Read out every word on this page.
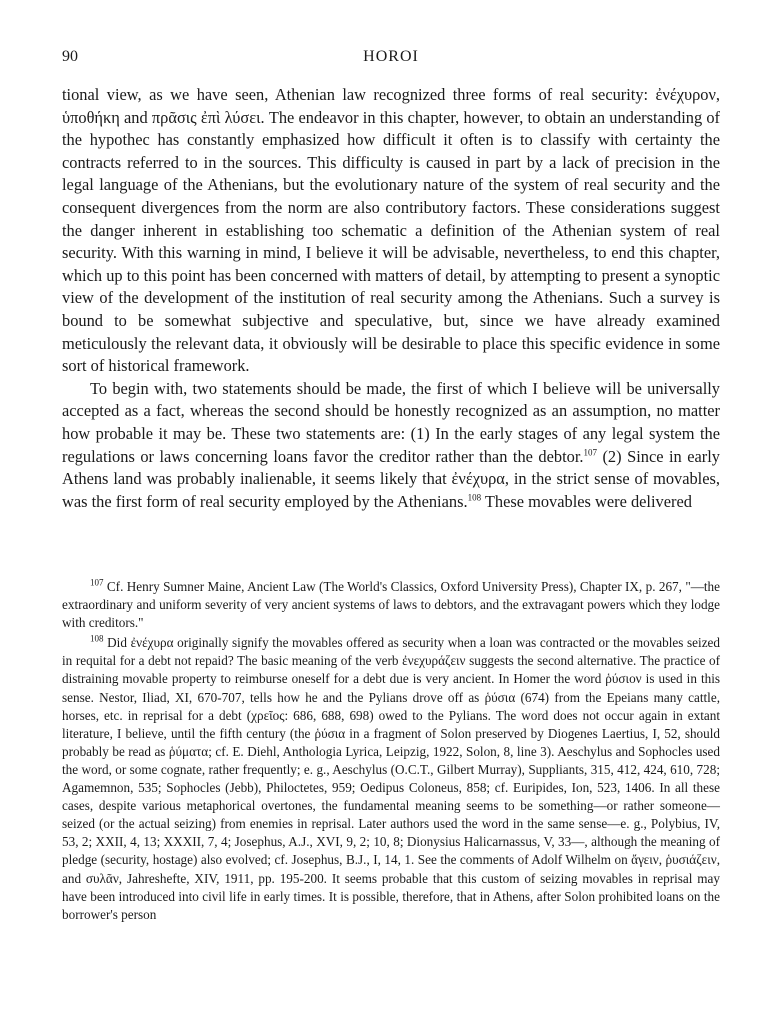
90	HOROI

tional view, as we have seen, Athenian law recognized three forms of real security: ἐνέχυρον, ὑποθήκη and πρᾶσις ἐπὶ λύσει. The endeavor in this chapter, however, to obtain an understanding of the hypothec has constantly emphasized how difficult it often is to classify with certainty the contracts referred to in the sources. This difficulty is caused in part by a lack of precision in the legal language of the Athenians, but the evolutionary nature of the system of real security and the consequent divergences from the norm are also contributory factors. These considerations suggest the danger inherent in establishing too schematic a definition of the Athenian system of real security. With this warning in mind, I believe it will be advisable, nevertheless, to end this chapter, which up to this point has been concerned with matters of detail, by attempting to present a synoptic view of the development of the institution of real security among the Athenians. Such a survey is bound to be somewhat subjective and speculative, but, since we have already examined meticulously the relevant data, it obviously will be desirable to place this specific evidence in some sort of historical framework.

To begin with, two statements should be made, the first of which I believe will be universally accepted as a fact, whereas the second should be honestly recognized as an assumption, no matter how probable it may be. These two statements are: (1) In the early stages of any legal system the regulations or laws concerning loans favor the creditor rather than the debtor.$^{107}$ (2) Since in early Athens land was probably inalienable, it seems likely that ἐνέχυρα, in the strict sense of movables, was the first form of real security employed by the Athenians.$^{108}$ These movables were delivered

$^{107}$ Cf. Henry Sumner Maine, Ancient Law (The World's Classics, Oxford University Press), Chapter IX, p. 267, "—the extraordinary and uniform severity of very ancient systems of laws to debtors, and the extravagant powers which they lodge with creditors."

$^{108}$ Did ἐνέχυρα originally signify the movables offered as security when a loan was contracted or the movables seized in requital for a debt not repaid? The basic meaning of the verb ἐνεχυράζειν suggests the second alternative. The practice of distraining movable property to reimburse oneself for a debt due is very ancient. In Homer the word ῥύσιον is used in this sense. Nestor, Iliad, XI, 670-707, tells how he and the Pylians drove off as ῥύσια (674) from the Epeians many cattle, horses, etc. in reprisal for a debt (χρεῖος: 686, 688, 698) owed to the Pylians. The word does not occur again in extant literature, I believe, until the fifth century (the ῥύσια in a fragment of Solon preserved by Diogenes Laertius, I, 52, should probably be read as ῥύματα; cf. E. Diehl, Anthologia Lyrica, Leipzig, 1922, Solon, 8, line 3). Aeschylus and Sophocles used the word, or some cognate, rather frequently; e. g., Aeschylus (O.C.T., Gilbert Murray), Suppliants, 315, 412, 424, 610, 728; Agamemnon, 535; Sophocles (Jebb), Philoctetes, 959; Oedipus Coloneus, 858; cf. Euripides, Ion, 523, 1406. In all these cases, despite various metaphorical overtones, the fundamental meaning seems to be something—or rather someone—seized (or the actual seizing) from enemies in reprisal. Later authors used the word in the same sense—e. g., Polybius, IV, 53, 2; XXII, 4, 13; XXXII, 7, 4; Josephus, A.J., XVI, 9, 2; 10, 8; Dionysius Halicarnassus, V, 33—, although the meaning of pledge (security, hostage) also evolved; cf. Josephus, B.J., I, 14, 1. See the comments of Adolf Wilhelm on ἄγειν, ῥυσιάζειν, and συλᾶν, Jahreshefte, XIV, 1911, pp. 195-200. It seems probable that this custom of seizing movables in reprisal may have been introduced into civil life in early times. It is possible, therefore, that in Athens, after Solon prohibited loans on the borrower's person
